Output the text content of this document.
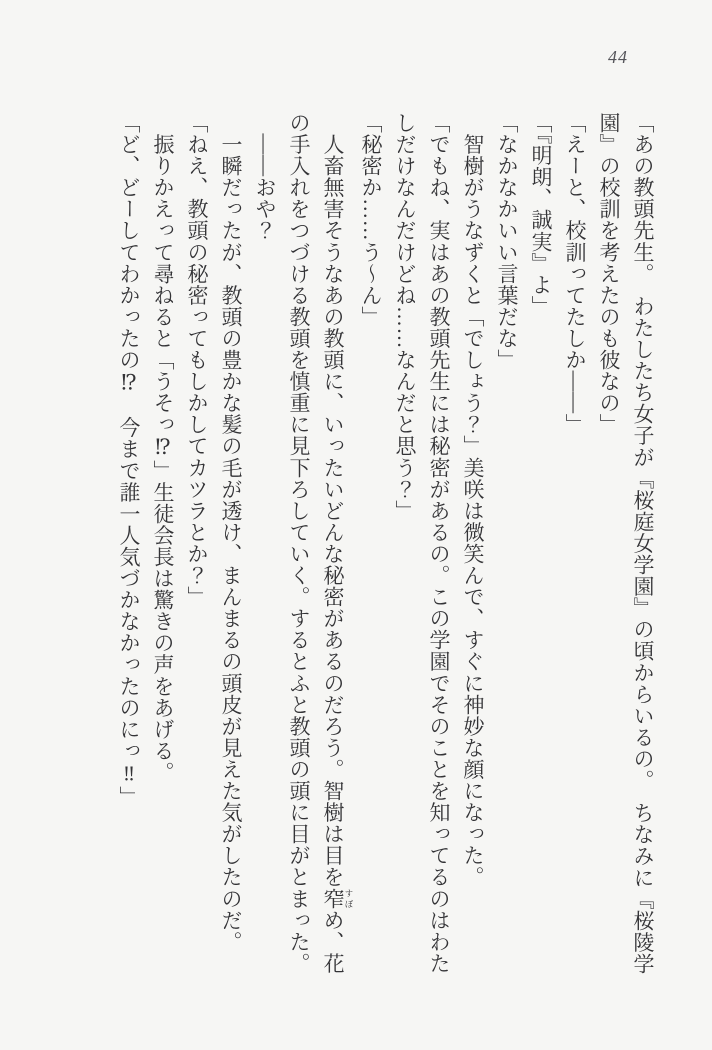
44

「あの教頭先生。　わたしたち女子が『桜庭女学園』の頃からいるの。　ちなみに『桜陵学園』の校訓を考えたのも彼なの」

「えーと、校訓ってたしか――」

「『明朗、誠実』よ」

「なかなかいい言葉だな」

　智樹がうなずくと「でしょう？」美咲は微笑んで、すぐに神妙な顔になった。

「でもね、実はあの教頭先生には秘密があるの。この学園でそのことを知ってるのはわたしだけなんだけどね……なんだと思う？」

「秘密か……う〜ん」

　人畜無害そうなあの教頭に、いったいどんな秘密があるのだろう。智樹は目を窄 すぼめ、花の手入れをつづける教頭を慎重に見下ろしていく。するとふと教頭の頭に目がとまった。

　――おや？

　一瞬だったが、教頭の豊かな髪の毛が透け、まんまるの頭皮が見えた気がしたのだ。

「ねえ、教頭の秘密ってもしかしてカツラとか？」

　振りかえって尋ねると「うそっ⁉」生徒会長は驚きの声をあげる。

「ど、どーしてわかったの⁉　今まで誰一人気づかなかったのにっ‼」
